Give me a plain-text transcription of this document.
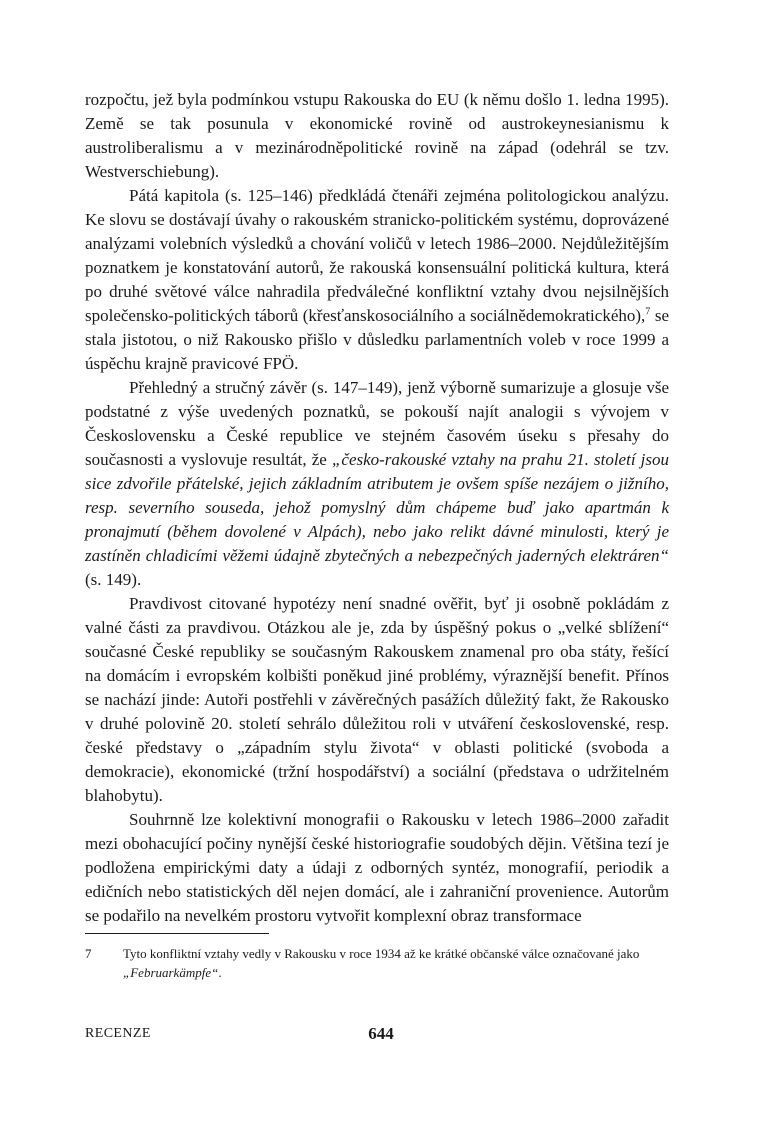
rozpočtu, jež byla podmínkou vstupu Rakouska do EU (k němu došlo 1. ledna 1995). Země se tak posunula v ekonomické rovině od austrokeynesianismu k austroliberalismu a v mezinárodněpolitické rovině na západ (odehrál se tzv. Westverschiebung).

Pátá kapitola (s. 125–146) předkládá čtenáři zejména politologickou analýzu. Ke slovu se dostávají úvahy o rakouském stranicko-politickém systému, doprovázené analýzami volebních výsledků a chování voličů v letech 1986–2000. Nejdůležitějším poznatkem je konstatování autorů, že rakouská konsensuální politická kultura, která po druhé světové válce nahradila předválečné konfliktní vztahy dvou nejsilnějších společensko-politických táborů (křesťanskosociálního a sociálnědemokratického),$^7$ se stala jistotou, o niž Rakousko přišlo v důsledku parlamentních voleb v roce 1999 a úspěchu krajně pravicové FPÖ.

Přehledný a stručný závěr (s. 147–149), jenž výborně sumarizuje a glosuje vše podstatné z výše uvedených poznatků, se pokouší najít analogii s vývojem v Československu a České republice ve stejném časovém úseku s přesahy do současnosti a vyslovuje resultát, že „česko-rakouské vztahy na prahu 21. století jsou sice zdvořile přátelské, jejich základním atributem je ovšem spíše nezájem o jižního, resp. severního souseda, jehož pomyslný dům chápeme buď jako apartmán k pronajmutí (během dovolené v Alpách), nebo jako relikt dávné minulosti, který je zastíněn chladicími věžemi údajně zbytečných a nebezpečných jaderných elektráren“ (s. 149).

Pravdivost citované hypotézy není snadné ověřit, byť ji osobně pokládám z valné části za pravdivou. Otázkou ale je, zda by úspěšný pokus o „velké sblížení“ současné České republiky se současným Rakouskem znamenal pro oba státy, řešící na domácím i evropském kolbišti poněkud jiné problémy, výraznější benefit. Přínos se nachází jinde: Autoři postřehli v závěrečných pasážích důležitý fakt, že Rakousko v druhé polovině 20. století sehrálo důležitou roli v utváření československé, resp. české představy o „západním stylu života“ v oblasti politické (svoboda a demokracie), ekonomické (tržní hospodářství) a sociální (představa o udržitelném blahobytu).

Souhrnně lze kolektivní monografii o Rakousku v letech 1986–2000 zařadit mezi obohacující počiny nynější české historiografie soudobých dějin. Většina tezí je podložena empirickými daty a údaji z odborných syntéz, monografií, periodik a edičních nebo statistických děl nejen domácí, ale i zahraniční provenience. Autorům se podařilo na nevelkém prostoru vytvořit komplexní obraz transformace

7	Tyto konfliktní vztahy vedly v Rakousku v roce 1934 až ke krátké občanské válce označované jako „Februarkämpfe“.
RECENZE	644
